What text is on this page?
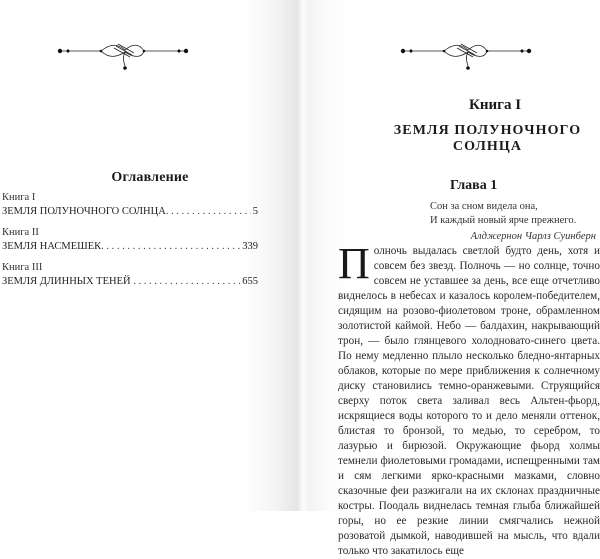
Оглавление
Книга I
ЗЕМЛЯ ПОЛУНОЧНОГО СОЛНЦА . . .	5
Книга II
ЗЕМЛЯ НАСМЕШЕК . . .	339
Книга III
ЗЕМЛЯ ДЛИННЫХ ТЕНЕЙ . . .	655
Книга I
ЗЕМЛЯ ПОЛУНОЧНОГО СОЛНЦА
Глава 1
Сон за сном видела она,
И каждый новый ярче прежнего.
Алджернон Чарлз Суинберн
Полночь выдалась светлой будто день, хотя и совсем без звезд. Полночь — но солнце, точно совсем не уставшее за день, все еще отчетливо виднелось в небесах и казалось королем-победителем, сидящим на розово-фиолетовом троне, обрамленном золотистой каймой. Небо — балдахин, накрывающий трон, — было глянцевого холодновато-синего цвета. По нему медленно плыло несколько бледно-янтарных облаков, которые по мере приближения к солнечному диску становились темно-оранжевыми. Струящийся сверху поток света заливал весь Альтен-фьорд, искрящиеся воды которого то и дело меняли оттенок, блистая то бронзой, то медью, то серебром, то лазурью и бирюзой. Окружающие фьорд холмы темнели фиолетовыми громадами, испещренными там и сям легкими ярко-красными мазками, словно сказочные феи разжигали на их склонах праздничные костры. Поодаль виднелась темная глыба ближайшей горы, но ее резкие линии смягчались нежной розоватой дымкой, наводившей на мысль, что вдали только что закатилось еще
